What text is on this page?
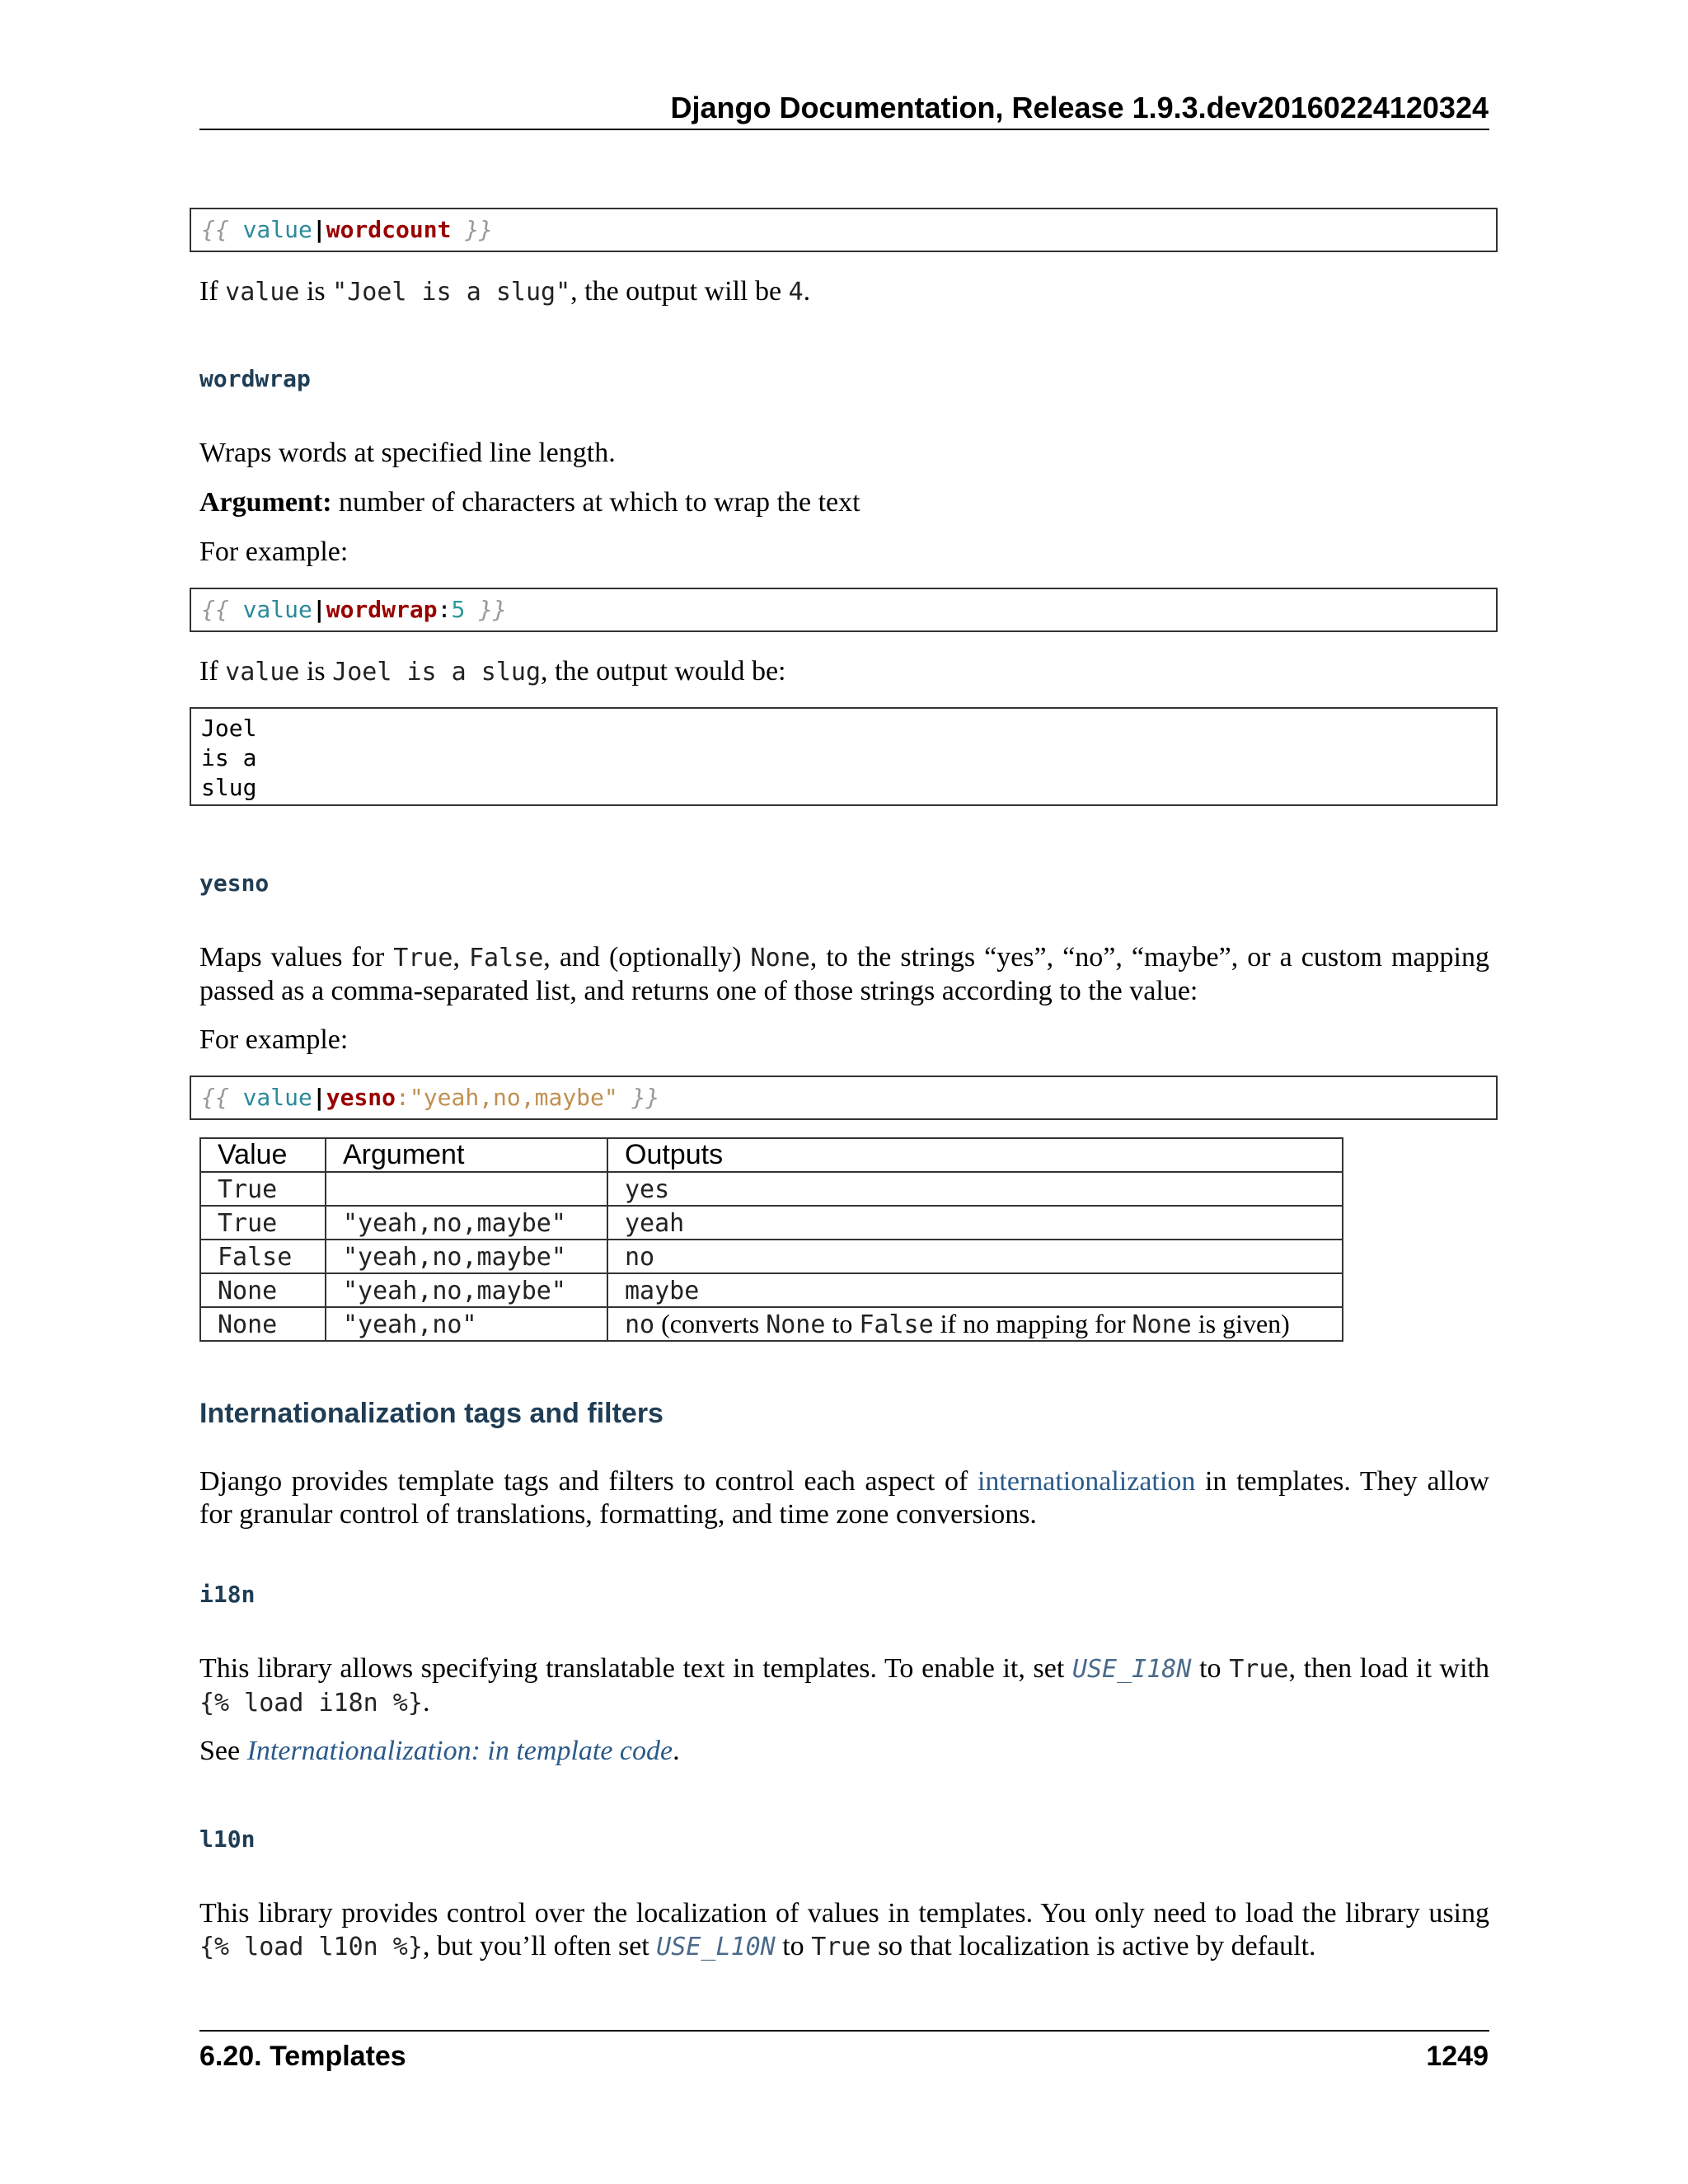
Django Documentation, Release 1.9.3.dev20160224120324
{{ value|wordcount }}
If value is "Joel is a slug", the output will be 4.
wordwrap
Wraps words at specified line length.
Argument: number of characters at which to wrap the text
For example:
{{ value|wordwrap:5 }}
If value is Joel is a slug, the output would be:
Joel
is a
slug
yesno
Maps values for True, False, and (optionally) None, to the strings “yes”, “no”, “maybe”, or a custom mapping passed as a comma-separated list, and returns one of those strings according to the value:
For example:
{{ value|yesno:"yeah,no,maybe" }}
Value	Argument	Outputs
True		yes
True	"yeah,no,maybe"	yeah
False	"yeah,no,maybe"	no
None	"yeah,no,maybe"	maybe
None	"yeah,no"	no (converts None to False if no mapping for None is given)
Internationalization tags and filters
Django provides template tags and filters to control each aspect of internationalization in templates. They allow for granular control of translations, formatting, and time zone conversions.
i18n
This library allows specifying translatable text in templates. To enable it, set USE_I18N to True, then load it with {% load i18n %}.
See Internationalization: in template code.
l10n
This library provides control over the localization of values in templates. You only need to load the library using {% load l10n %}, but you’ll often set USE_L10N to True so that localization is active by default.
6.20. Templates	1249
